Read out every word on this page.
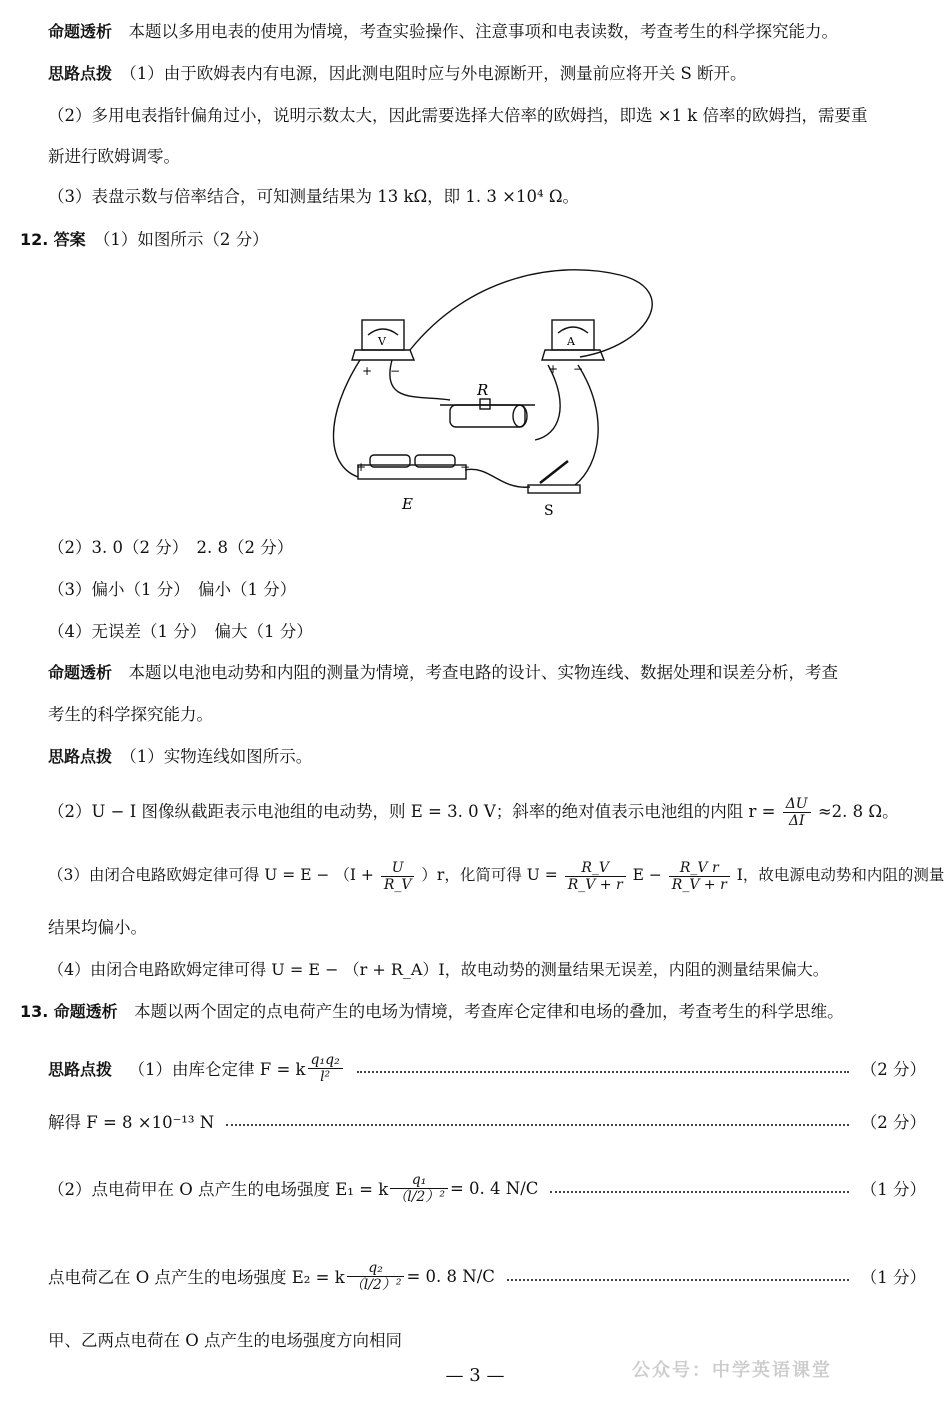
命题透析　 本题以多用电表的使用为情境，考查实验操作、注意事项和电表读数，考查考生的科学探究能力。
思路点拨　 （1）由于欧姆表内有电源，因此测电阻时应与外电源断开，测量前应将开关 S 断开。
（2）多用电表指针偏角过小，说明示数太大，因此需要选择大倍率的欧姆挡，即选 ×1 k 倍率的欧姆挡，需要重
新进行欧姆调零。
（3）表盘示数与倍率结合，可知测量结果为 13 kΩ，即 1. 3 ×10⁴ Ω。
12. 答案　 （1）如图所示（2 分）
R
V	A
E	S
+ −	+ −
+	−
（2）3. 0（2 分）　2. 8（2 分）
（3）偏小（1 分）　偏小（1 分）
（4）无误差（1 分）　偏大（1 分）
命题透析　 本题以电池电动势和内阻的测量为情境，考查电路的设计、实物连线、数据处理和误差分析，考查
考生的科学探究能力。
思路点拨　 （1）实物连线如图所示。
（2）U − I 图像纵截距表示电池组的电动势，则 E = 3. 0 V；斜率的绝对值表示电池组的内阻 $r = \frac{\Delta U}{\Delta I} \approx 2$. 8 Ω。
（3）由闭合电路欧姆定律可得 $U = E - (I + \frac{U}{R\_V} )r$，化简可得 $U = \frac{R\_V}{R\_V + r}$ $E - \frac{\text{R\_V r}}{R\_V + r}$ I，故电源电动势和内阻的测量
结果均偏小。
（4）由闭合电路欧姆定律可得 U = E − （r + R_A）I，故电动势的测量结果无误差，内阻的测量结果偏大。
13. 命题透析　 本题以两个固定的点电荷产生的电场为情境，考查库仑定律和电场的叠加，考查考生的科学思维。
思路点拨
　 （1）由库仑定律 F = k $\frac{\text{q₁q₂}}{\text{l²}}$	（2 分）
解得 F = 8 ×10⁻¹³ N	（2 分）
（2）点电荷甲在 O 点产生的电场强度 E₁ = k $\frac{\text{q₁}}{\text{（l/2）²}} = 0$. 4 N/C	（1 分）
点电荷乙在 O 点产生的电场强度 E₂ = k $\frac{\text{q₂}}{\text{（l/2）²}} = 0$. 8 N/C	（1 分）
甲、乙两点电荷在 O 点产生的电场强度方向相同
— 3 —	公众号：中学英语课堂
